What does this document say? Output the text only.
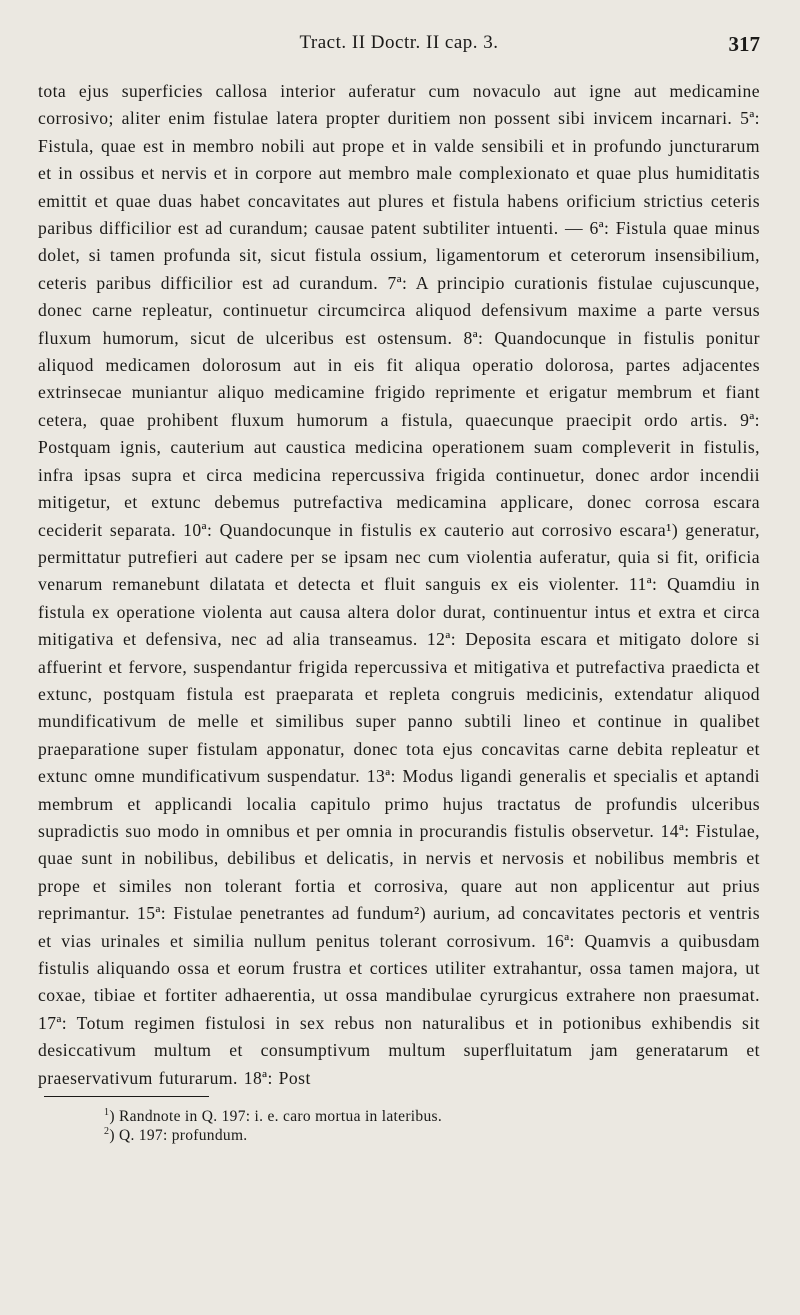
Tract. II Doctr. II cap. 3.	317

tota ejus superficies callosa interior auferatur cum novaculo aut igne aut medicamine corrosivo; aliter enim fistulae latera propter duritiem non possent sibi invicem incarnari. 5ª: Fistula, quae est in membro nobili aut prope et in valde sensibili et in profundo juncturarum et in ossibus et nervis et in corpore aut membro male complexionato et quae plus humiditatis emittit et quae duas habet concavitates aut plures et fistula habens orificium strictius ceteris paribus difficilior est ad curandum; causae patent subtiliter intuenti. — 6ª: Fistula quae minus dolet, si tamen profunda sit, sicut fistula ossium, ligamentorum et ceterorum insensibilium, ceteris paribus difficilior est ad curandum. 7ª: A principio curationis fistulae cujuscunque, donec carne repleatur, continuetur circumcirca aliquod defensivum maxime a parte versus fluxum humorum, sicut de ulceribus est ostensum. 8ª: Quandocunque in fistulis ponitur aliquod medicamen dolorosum aut in eis fit aliqua operatio dolorosa, partes adjacentes extrinsecae muniantur aliquo medicamine frigido reprimente et erigatur membrum et fiant cetera, quae prohibent fluxum humorum a fistula, quaecunque praecipit ordo artis. 9ª: Postquam ignis, cauterium aut caustica medicina operationem suam compleverit in fistulis, infra ipsas supra et circa medicina repercussiva frigida continuetur, donec ardor incendii mitigetur, et extunc debemus putrefactiva medicamina applicare, donec corrosa escara ceciderit separata. 10ª: Quandocunque in fistulis ex cauterio aut corrosivo escara¹) generatur, permittatur putrefieri aut cadere per se ipsam nec cum violentia auferatur, quia si fit, orificia venarum remanebunt dilatata et detecta et fluit sanguis ex eis violenter. 11ª: Quamdiu in fistula ex operatione violenta aut causa altera dolor durat, continuentur intus et extra et circa mitigativa et defensiva, nec ad alia transeamus. 12ª: Deposita escara et mitigato dolore si affuerint et fervore, suspendantur frigida repercussiva et mitigativa et putrefactiva praedicta et extunc, postquam fistula est praeparata et repleta congruis medicinis, extendatur aliquod mundificativum de melle et similibus super panno subtili lineo et continue in qualibet praeparatione super fistulam apponatur, donec tota ejus concavitas carne debita repleatur et extunc omne mundificativum suspendatur. 13ª: Modus ligandi generalis et specialis et aptandi membrum et applicandi localia capitulo primo hujus tractatus de profundis ulceribus supradictis suo modo in omnibus et per omnia in procurandis fistulis observetur. 14ª: Fistulae, quae sunt in nobilibus, debilibus et delicatis, in nervis et nervosis et nobilibus membris et prope et similes non tolerant fortia et corrosiva, quare aut non applicentur aut prius reprimantur. 15ª: Fistulae penetrantes ad fundum²) aurium, ad concavitates pectoris et ventris et vias urinales et similia nullum penitus tolerant corrosivum. 16ª: Quamvis a quibusdam fistulis aliquando ossa et eorum frustra et cortices utiliter extrahantur, ossa tamen majora, ut coxae, tibiae et fortiter adhaerentia, ut ossa mandibulae cyrurgicus extrahere non praesumat. 17ª: Totum regimen fistulosi in sex rebus non naturalibus et in potionibus exhibendis sit desiccativum multum et consumptivum multum superfluitatum jam generatarum et praeservativum futurarum. 18ª: Post

$^1$) Randnote in Q. 197: i. e. caro mortua in lateribus.
$^2$) Q. 197: profundum.
